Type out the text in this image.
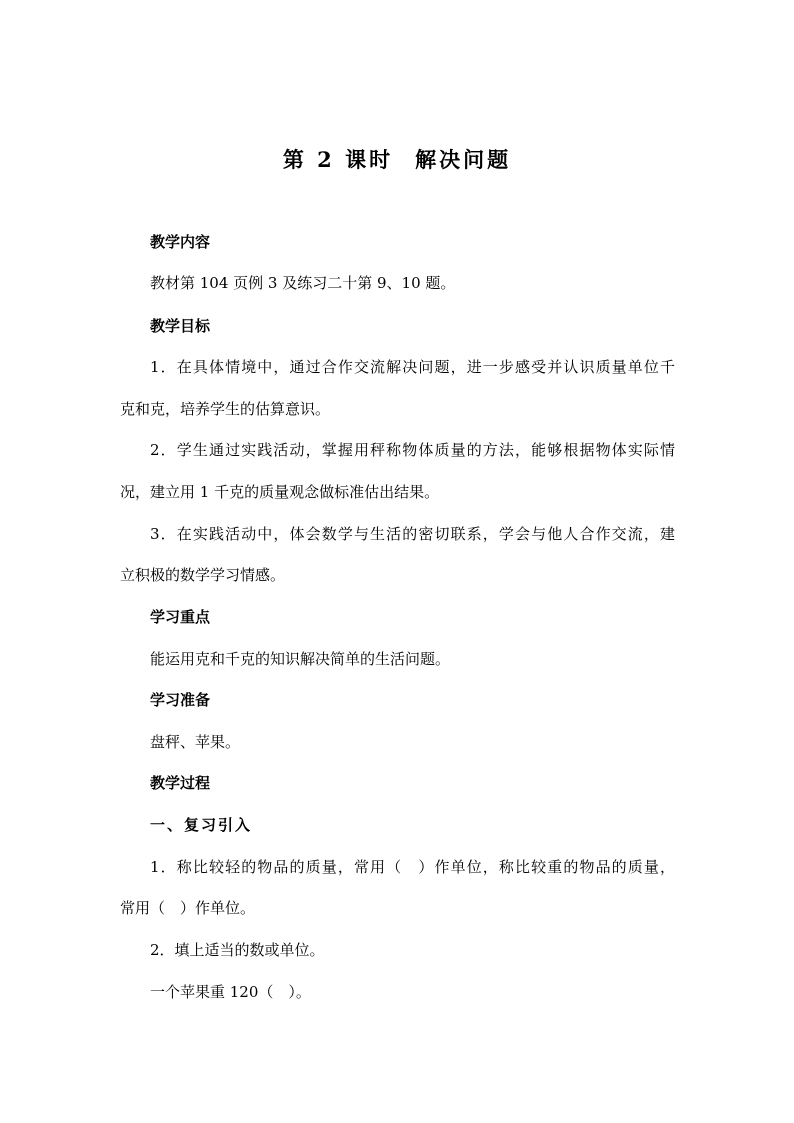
第 2 课时 解决问题
教学内容
教材第 104 页例 3 及练习二十第 9、10 题。
教学目标
1．在具体情境中，通过合作交流解决问题，进一步感受并认识质量单位千
克和克，培养学生的估算意识。
2．学生通过实践活动，掌握用秤称物体质量的方法，能够根据物体实际情
况，建立用 1 千克的质量观念做标准估出结果。
3．在实践活动中，体会数学与生活的密切联系，学会与他人合作交流，建
立积极的数学学习情感。
学习重点
能运用克和千克的知识解决简单的生活问题。
学习准备
盘秤、苹果。
教学过程
一、复习引入
1．称比较轻的物品的质量，常用（　）作单位，称比较重的物品的质量，
常用（　）作单位。
2．填上适当的数或单位。
一个苹果重 120（　）。
